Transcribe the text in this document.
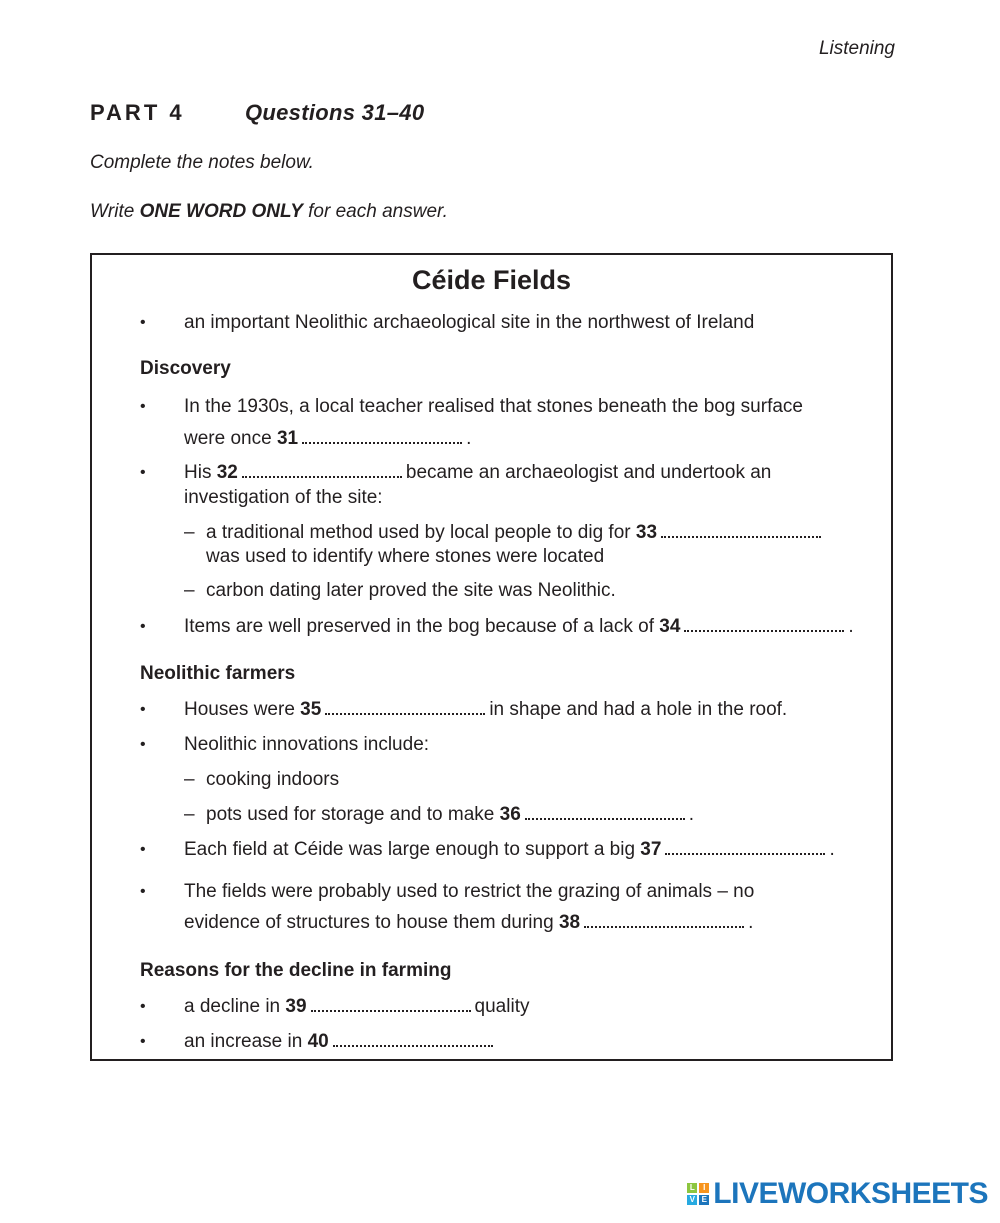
Listening
PART 4	Questions 31–40
Complete the notes below.
Write ONE WORD ONLY for each answer.
Céide Fields
• an important Neolithic archaeological site in the northwest of Ireland
Discovery
• In the 1930s, a local teacher realised that stones beneath the bog surface
were once 31	.
• His 32	became an archaeologist and undertook an
investigation of the site:
– a traditional method used by local people to dig for 33
was used to identify where stones were located
– carbon dating later proved the site was Neolithic.
• Items are well preserved in the bog because of a lack of 34	.
Neolithic farmers
• Houses were 35	in shape and had a hole in the roof.
• Neolithic innovations include:
– cooking indoors
– pots used for storage and to make 36	.
• Each field at Céide was large enough to support a big 37	.
• The fields were probably used to restrict the grazing of animals – no
evidence of structures to house them during 38	.
Reasons for the decline in farming
• a decline in 39	quality
• an increase in 40
L	I
V E LIVEWORKSHEETS
